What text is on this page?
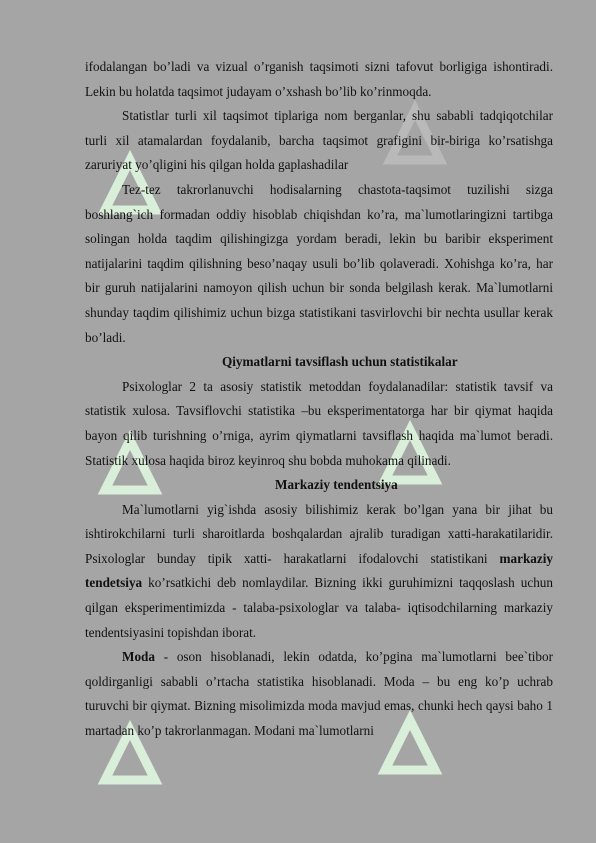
ifodalangan bo’ladi va vizual o’rganish taqsimoti sizni tafovut borligiga ishontiradi. Lekin bu holatda taqsimot judayam o’xshash bo’lib ko’rinmoqda.

Statistlar turli xil taqsimot tiplariga nom berganlar, shu sababli tadqiqotchilar turli xil atamalardan foydalanib, barcha taqsimot grafigini bir-biriga ko’rsatishga zaruriyat yo’qligini his qilgan holda gaplashadilar

Tez-tez takrorlanuvchi hodisalarning chastota-taqsimot tuzilishi sizga boshlang`ich formadan oddiy hisoblab chiqishdan ko’ra, ma`lumotlaringizni tartibga solingan holda taqdim qilishingizga yordam beradi, lekin bu baribir eksperiment natijalarini taqdim qilishning beso’naqay usuli bo’lib qolaveradi. Xohishga ko’ra, har bir guruh natijalarini namoyon qilish uchun bir sonda belgilash kerak. Ma`lumotlarni shunday taqdim qilishimiz uchun bizga statistikani tasvirlovchi bir nechta usullar kerak bo’ladi.

Qiymatlarni tavsiflash uchun statistikalar

Psixologlar 2 ta asosiy statistik metoddan foydalanadilar: statistik tavsif va statistik xulosa. Tavsiflovchi statistika –bu eksperimentatorga har bir qiymat haqida bayon qilib turishning o’rniga, ayrim qiymatlarni tavsiflash haqida ma`lumot beradi. Statistik xulosa haqida biroz keyinroq shu bobda muhokama qilinadi.

Markaziy tendentsiya

Ma`lumotlarni yig`ishda asosiy bilishimiz kerak bo’lgan yana bir jihat bu ishtirokchilarni turli sharoitlarda boshqalardan ajralib turadigan xatti-harakatilaridir. Psixologlar bunday tipik xatti- harakatlarni ifodalovchi statistikani markaziy tendetsiya ko’rsatkichi deb nomlaydilar. Bizning ikki guruhimizni taqqoslash uchun qilgan eksperimentimizda - talaba-psixologlar va talaba- iqtisodchilarning markaziy tendentsiyasini topishdan iborat.

Moda - oson hisoblanadi, lekin odatda, ko’pgina ma`lumotlarni bee`tibor qoldirganligi sababli o’rtacha statistika hisoblanadi. Moda – bu eng ko’p uchrab turuvchi bir qiymat. Bizning misolimizda moda mavjud emas, chunki hech qaysi baho 1 martadan ko’p takrorlanmagan. Modani ma`lumotlarni
